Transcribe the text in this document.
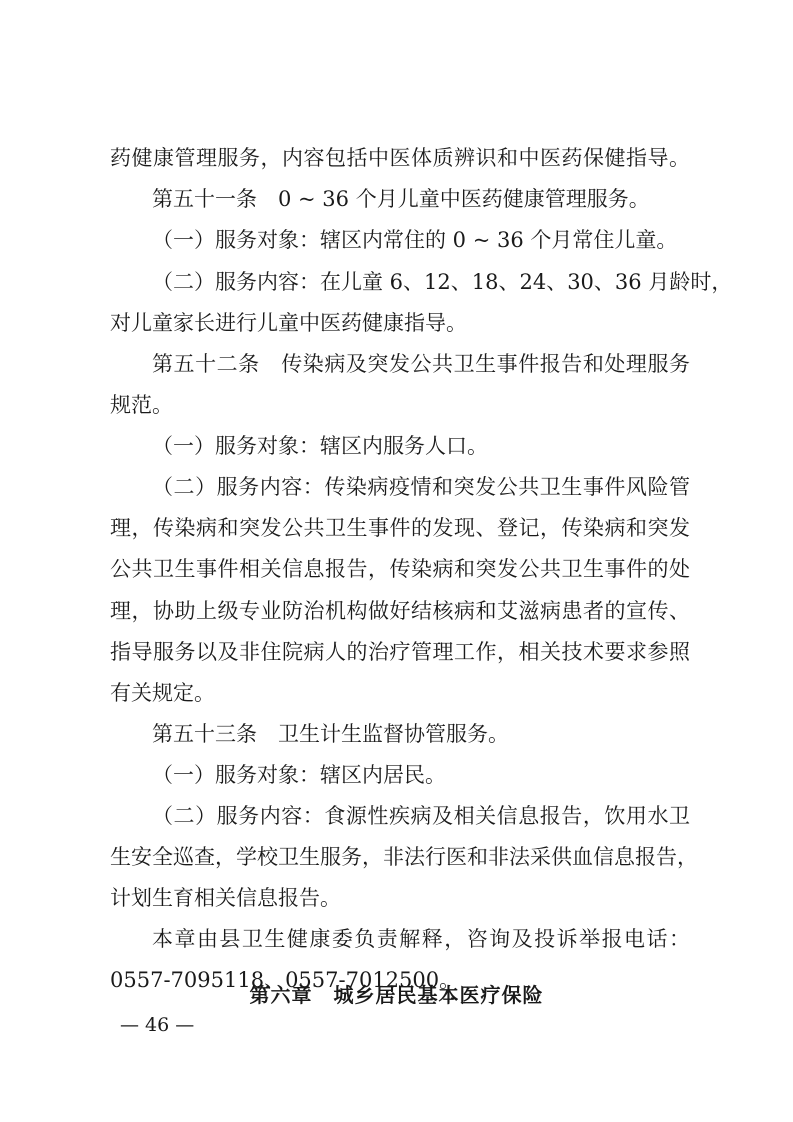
药健康管理服务，内容包括中医体质辨识和中医药保健指导。
第五十一条　0 ~ 36 个月儿童中医药健康管理服务。
（一）服务对象：辖区内常住的 0 ~ 36 个月常住儿童。
（二）服务内容：在儿童 6、12、18、24、30、36 月龄时，
对儿童家长进行儿童中医药健康指导。
第五十二条　传染病及突发公共卫生事件报告和处理服务
规范。
（一）服务对象：辖区内服务人口。
（二）服务内容：传染病疫情和突发公共卫生事件风险管
理，传染病和突发公共卫生事件的发现、登记，传染病和突发
公共卫生事件相关信息报告，传染病和突发公共卫生事件的处
理，协助上级专业防治机构做好结核病和艾滋病患者的宣传、
指导服务以及非住院病人的治疗管理工作，相关技术要求参照
有关规定。
第五十三条　卫生计生监督协管服务。
（一）服务对象：辖区内居民。
（二）服务内容：食源性疾病及相关信息报告，饮用水卫
生安全巡查，学校卫生服务，非法行医和非法采供血信息报告，
计划生育相关信息报告。
本章由县卫生健康委负责解释，咨询及投诉举报电话：
0557-7095118、0557-7012500。
第六章　城乡居民基本医疗保险
— 46 —
